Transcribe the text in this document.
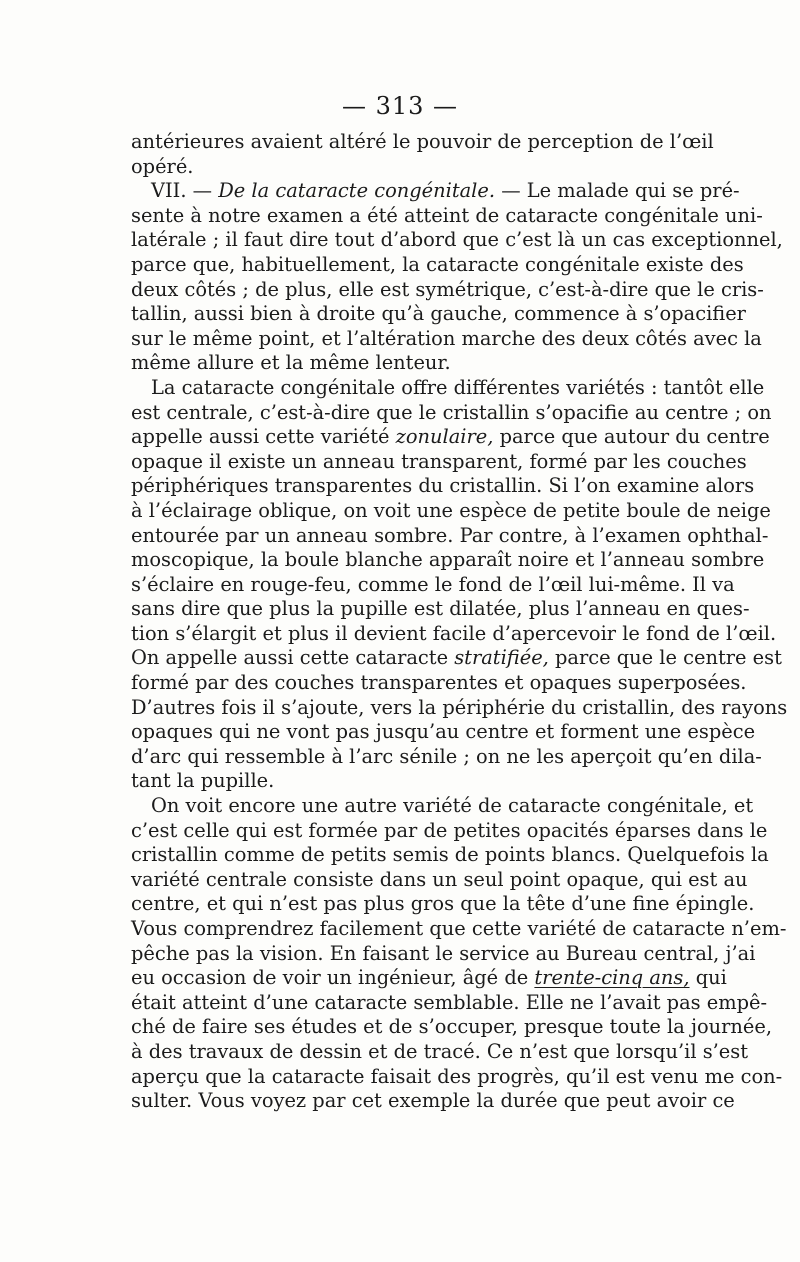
— 313 —
antérieures avaient altéré le pouvoir de perception de l’œil
opéré.
VII. — De la cataracte congénitale. — Le malade qui se pré-
sente à notre examen a été atteint de cataracte congénitale uni-
latérale ; il faut dire tout d’abord que c’est là un cas exceptionnel,
parce que, habituellement, la cataracte congénitale existe des
deux côtés ; de plus, elle est symétrique, c’est-à-dire que le cris-
tallin, aussi bien à droite qu’à gauche, commence à s’opacifier
sur le même point, et l’altération marche des deux côtés avec la
même allure et la même lenteur.
La cataracte congénitale offre différentes variétés : tantôt elle
est centrale, c’est-à-dire que le cristallin s’opacifie au centre ; on
appelle aussi cette variété zonulaire, parce que autour du centre
opaque il existe un anneau transparent, formé par les couches
périphériques transparentes du cristallin. Si l’on examine alors
à l’éclairage oblique, on voit une espèce de petite boule de neige
entourée par un anneau sombre. Par contre, à l’examen ophthal-
moscopique, la boule blanche apparaît noire et l’anneau sombre
s’éclaire en rouge-feu, comme le fond de l’œil lui-même. Il va
sans dire que plus la pupille est dilatée, plus l’anneau en ques-
tion s’élargit et plus il devient facile d’apercevoir le fond de l’œil.
On appelle aussi cette cataracte stratifiée, parce que le centre est
formé par des couches transparentes et opaques superposées.
D’autres fois il s’ajoute, vers la périphérie du cristallin, des rayons
opaques qui ne vont pas jusqu’au centre et forment une espèce
d’arc qui ressemble à l’arc sénile ; on ne les aperçoit qu’en dila-
tant la pupille.
On voit encore une autre variété de cataracte congénitale, et
c’est celle qui est formée par de petites opacités éparses dans le
cristallin comme de petits semis de points blancs. Quelquefois la
variété centrale consiste dans un seul point opaque, qui est au
centre, et qui n’est pas plus gros que la tête d’une fine épingle.
Vous comprendrez facilement que cette variété de cataracte n’em-
pêche pas la vision. En faisant le service au Bureau central, j’ai
eu occasion de voir un ingénieur, âgé de trente-cinq ans, qui
était atteint d’une cataracte semblable. Elle ne l’avait pas empê-
ché de faire ses études et de s’occuper, presque toute la journée,
à des travaux de dessin et de tracé. Ce n’est que lorsqu’il s’est
aperçu que la cataracte faisait des progrès, qu’il est venu me con-
sulter. Vous voyez par cet exemple la durée que peut avoir ce
